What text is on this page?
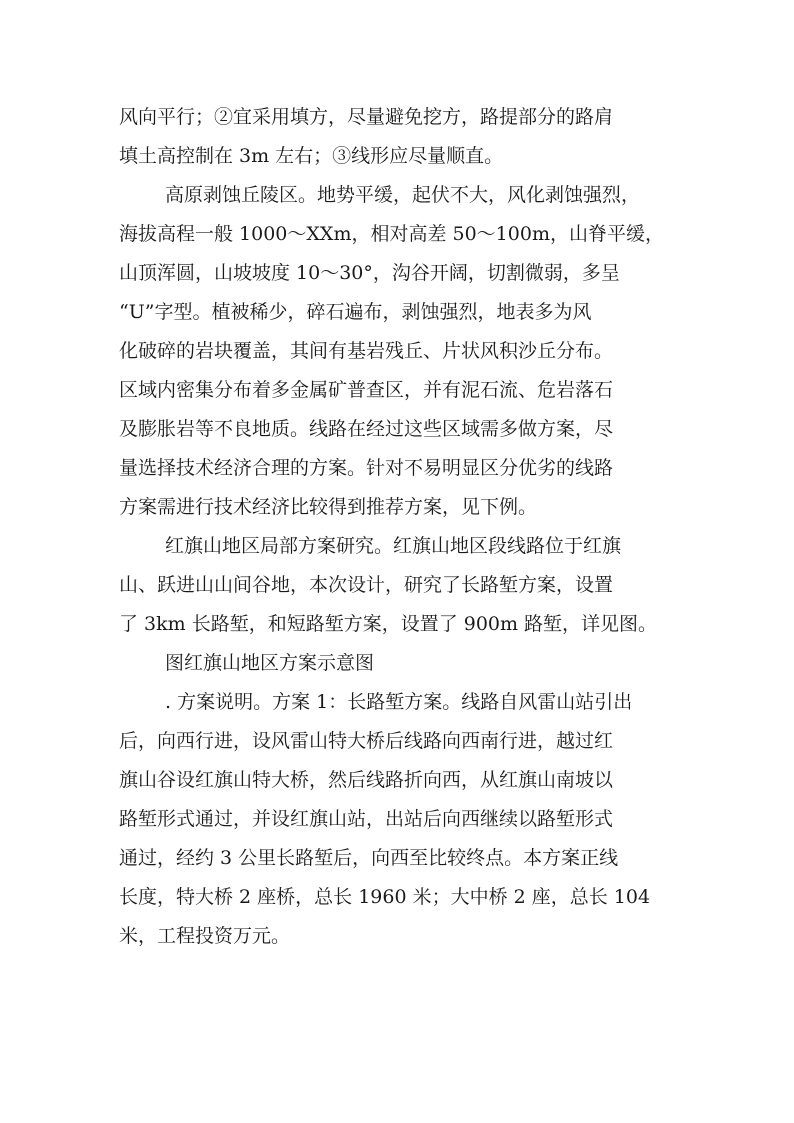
风向平行；②宜采用填方，尽量避免挖方，路提部分的路肩
填土高控制在 3m 左右；③线形应尽量顺直。
高原剥蚀丘陵区。地势平缓，起伏不大，风化剥蚀强烈，
海拔高程一般 1000～XXm，相对高差 50～100m，山脊平缓，
山顶浑圆，山坡坡度 10～30°，沟谷开阔，切割微弱，多呈
“U”字型。植被稀少，碎石遍布，剥蚀强烈，地表多为风
化破碎的岩块覆盖，其间有基岩残丘、片状风积沙丘分布。
区域内密集分布着多金属矿普查区，并有泥石流、危岩落石
及膨胀岩等不良地质。线路在经过这些区域需多做方案，尽
量选择技术经济合理的方案。针对不易明显区分优劣的线路
方案需进行技术经济比较得到推荐方案，见下例。
红旗山地区局部方案研究。红旗山地区段线路位于红旗
山、跃进山山间谷地，本次设计，研究了长路堑方案，设置
了 3km 长路堑，和短路堑方案，设置了 900m 路堑，详见图。
图红旗山地区方案示意图
. 方案说明。方案 1：长路堑方案。线路自风雷山站引出
后，向西行进，设风雷山特大桥后线路向西南行进，越过红
旗山谷设红旗山特大桥，然后线路折向西，从红旗山南坡以
路堑形式通过，并设红旗山站，出站后向西继续以路堑形式
通过，经约 3 公里长路堑后，向西至比较终点。本方案正线
长度，特大桥 2 座桥，总长 1960 米；大中桥 2 座，总长 104
米，工程投资万元。
